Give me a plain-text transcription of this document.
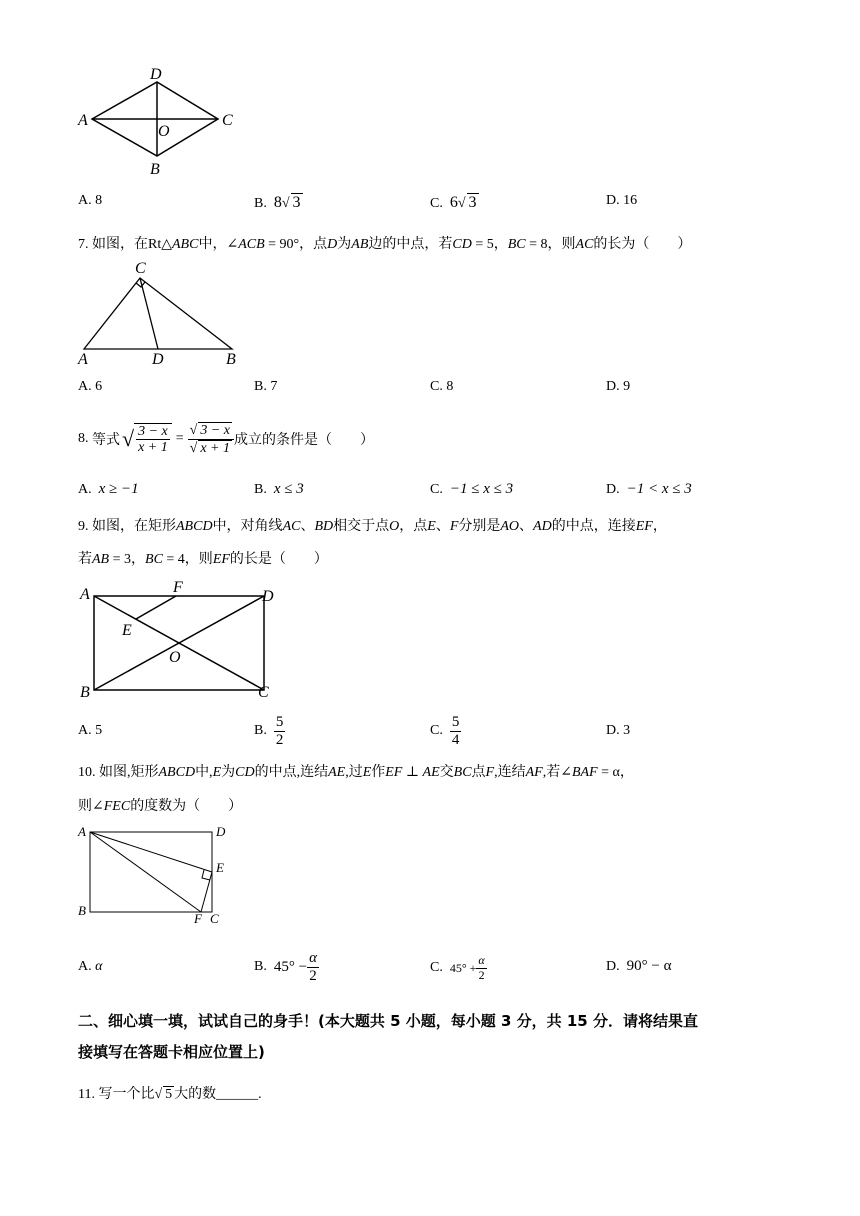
D
A	C
O
B
A. 8	B. 8√ 3	C. 6√ 3	D. 16
7. 如图，在Rt△ABC中，∠ACB = 90°，点D为AB边的中点，若CD = 5，BC = 8，则AC的长为（　　）
C
A	D	B
A. 6	B. 7	C. 8	D. 9
8.
等式 √ $\frac{3 - x}{x + 1} = \frac{√ 3 - x}{√ x + 1}$ 成立的条件是（　　）
A. x ≥ −1	B. x ≤ 3	C. −1 ≤ x ≤ 3	D. −1 < x ≤ 3
9. 如图，在矩形ABCD中，对角线AC、BD相交于点O，点E、F分别是AO、AD的中点，连接EF，
若AB = 3，BC = 4，则EF的长是（　　）
A	F
D
E
O
B	C
A. 5	B.
$\frac{5}{2}$	C.
$\frac{5}{4}$	D. 3
10. 如图,矩形ABCD中,E为CD的中点,连结AE,过E作EF ⊥ AE交BC点F,连结AF,若∠BAF = α，
则∠FEC的度数为（　　）
A	D
E
B
F C
A. α	B.
$45^\circ - \frac{\alpha}{2}$	C.
$45^\circ + \frac{\alpha}{2}$	D. 90° − α
二、细心填一填，试试自己的身手！(本大题共 5 小题，每小题 3 分，共 15 分．请将结果直
接填写在答题卡相应位置上)
11. 写一个比√ 5 大的数______.
